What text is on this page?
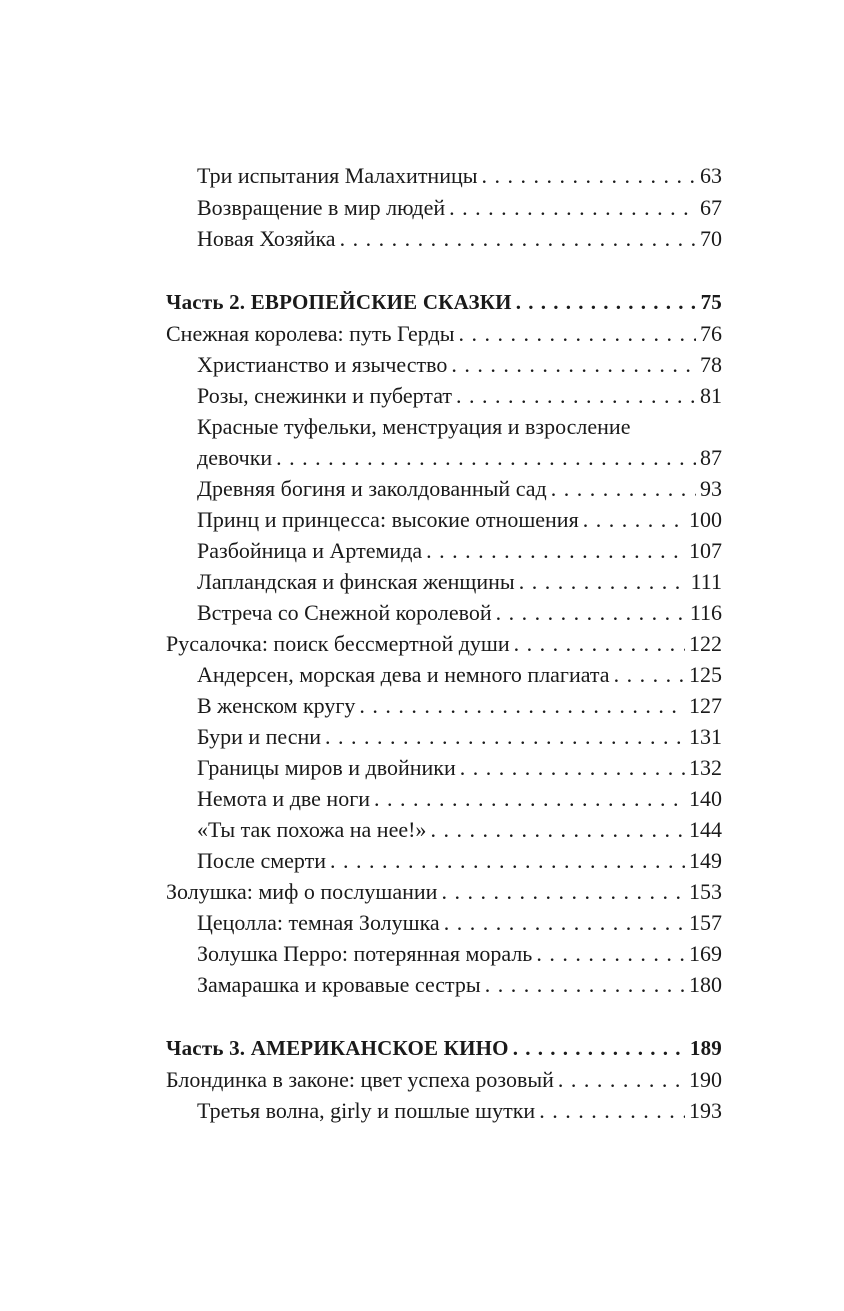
Три испытания Малахитницы . . .	63
Возвращение в мир людей . . .	67
Новая Хозяйка . . .	70
Часть 2. ЕВРОПЕЙСКИЕ СКАЗКИ . . .	75
Снежная королева: путь Герды . . .	76
Христианство и язычество . . .	78
Розы, снежинки и пубертат . . .	81
Красные туфельки, менструация и взросление
девочки . . .	87
Древняя богиня и заколдованный сад . . .	93
Принц и принцесса: высокие отношения . . .	100
Разбойница и Артемида . . .	107
Лапландская и финская женщины . . .	111
Встреча со Снежной королевой . . .	116
Русалочка: поиск бессмертной души . . .	122
Андерсен, морская дева и немного плагиата . . .	125
В женском кругу . . .	127
Бури и песни . . .	131
Границы миров и двойники . . .	132
Немота и две ноги . . .	140
«Ты так похожа на нее!» . . .	144
После смерти . . .	149
Золушка: миф о послушании . . .	153
Цецолла: темная Золушка . . .	157
Золушка Перро: потерянная мораль . . .	169
Замарашка и кровавые сестры . . .	180
Часть 3. АМЕРИКАНСКОЕ КИНО . . .	189
Блондинка в законе: цвет успеха розовый . . .	190
Третья волна, girly и пошлые шутки . . .	193
